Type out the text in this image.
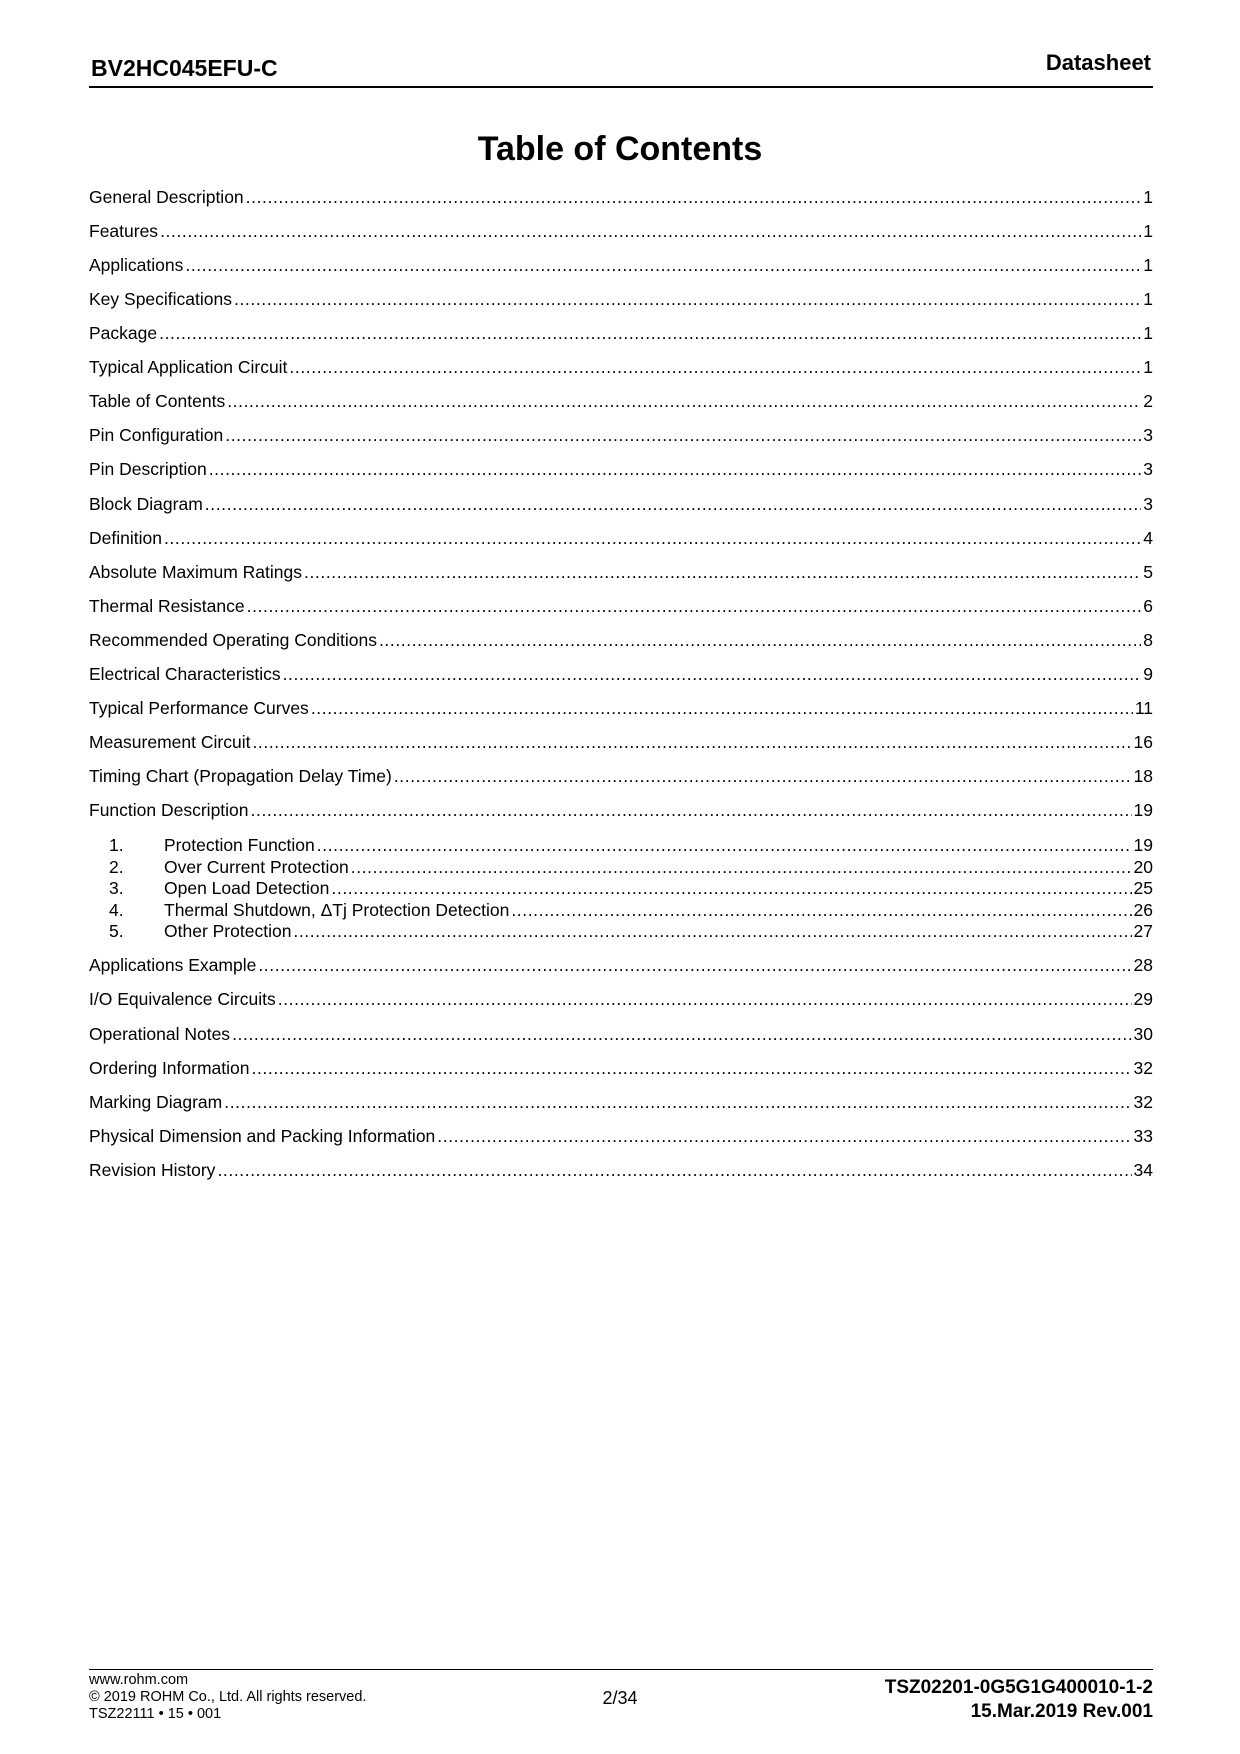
BV2HC045EFU-C	Datasheet
Table of Contents
General Description .....	1
Features .....	1
Applications .....	1
Key Specifications .....	1
Package .....	1
Typical Application Circuit .....	1
Table of Contents .....	2
Pin Configuration .....	3
Pin Description .....	3
Block Diagram .....	3
Definition .....	4
Absolute Maximum Ratings .....	5
Thermal Resistance .....	6
Recommended Operating Conditions .....	8
Electrical Characteristics .....	9
Typical Performance Curves .....	11
Measurement Circuit .....	16
Timing Chart (Propagation Delay Time) .....	18
Function Description .....	19
1.	Protection Function .....	19
2.	Over Current Protection .....	20
3.	Open Load Detection .....	25
4.	Thermal Shutdown, ΔTj Protection Detection .....	26
5.	Other Protection .....	27
Applications Example .....	28
I/O Equivalence Circuits .....	29
Operational Notes .....	30
Ordering Information .....	32
Marking Diagram .....	32
Physical Dimension and Packing Information .....	33
Revision History .....	34
www.rohm.com
© 2019 ROHM Co., Ltd. All rights reserved.
TSZ22111 • 15 • 001
2/34	TSZ02201-0G5G1G400010-1-2
15.Mar.2019 Rev.001
